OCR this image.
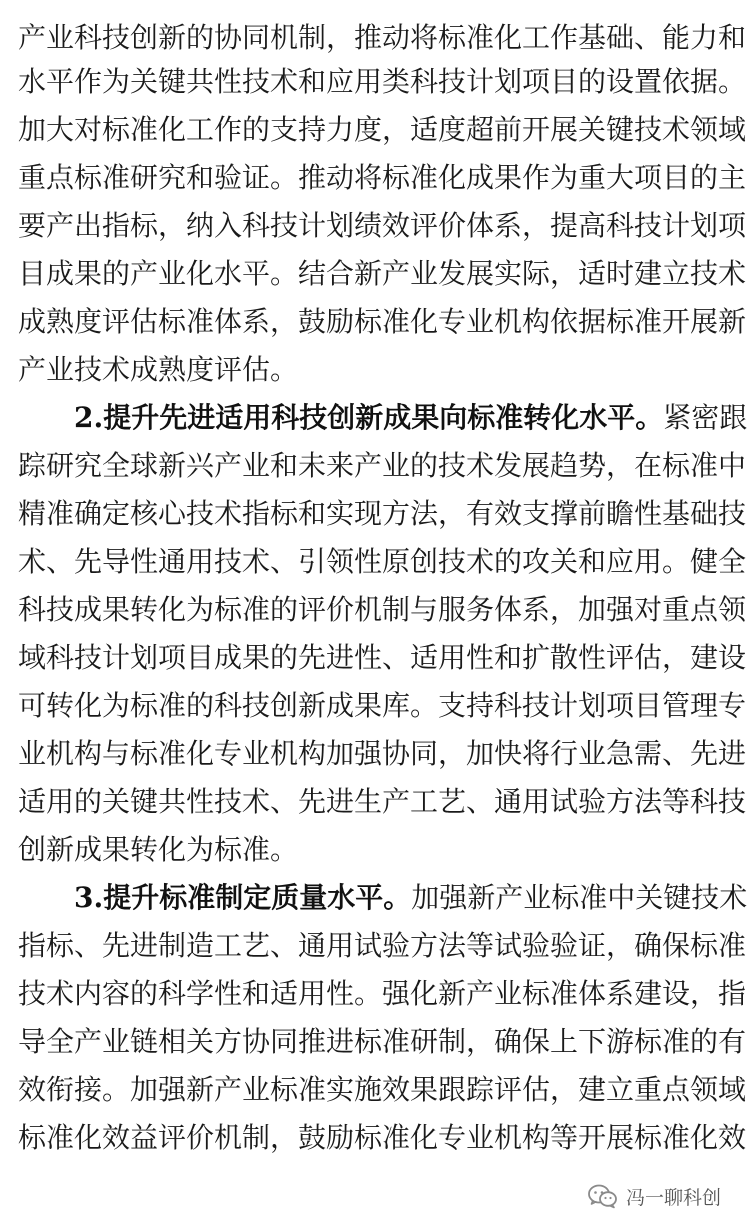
产业科技创新的协同机制，推动将标准化工作基础、能力和
水平作为关键共性技术和应用类科技计划项目的设置依据。
加大对标准化工作的支持力度，适度超前开展关键技术领域
重点标准研究和验证。推动将标准化成果作为重大项目的主
要产出指标，纳入科技计划绩效评价体系，提高科技计划项
目成果的产业化水平。结合新产业发展实际，适时建立技术
成熟度评估标准体系，鼓励标准化专业机构依据标准开展新
产业技术成熟度评估。
2.提升先进适用科技创新成果向标准转化水平。紧密跟
踪研究全球新兴产业和未来产业的技术发展趋势，在标准中
精准确定核心技术指标和实现方法，有效支撑前瞻性基础技
术、先导性通用技术、引领性原创技术的攻关和应用。健全
科技成果转化为标准的评价机制与服务体系，加强对重点领
域科技计划项目成果的先进性、适用性和扩散性评估，建设
可转化为标准的科技创新成果库。支持科技计划项目管理专
业机构与标准化专业机构加强协同，加快将行业急需、先进
适用的关键共性技术、先进生产工艺、通用试验方法等科技
创新成果转化为标准。
3.提升标准制定质量水平。加强新产业标准中关键技术
指标、先进制造工艺、通用试验方法等试验验证，确保标准
技术内容的科学性和适用性。强化新产业标准体系建设，指
导全产业链相关方协同推进标准研制，确保上下游标准的有
效衔接。加强新产业标准实施效果跟踪评估，建立重点领域
标准化效益评价机制，鼓励标准化专业机构等开展标准化效
冯一聊科创
